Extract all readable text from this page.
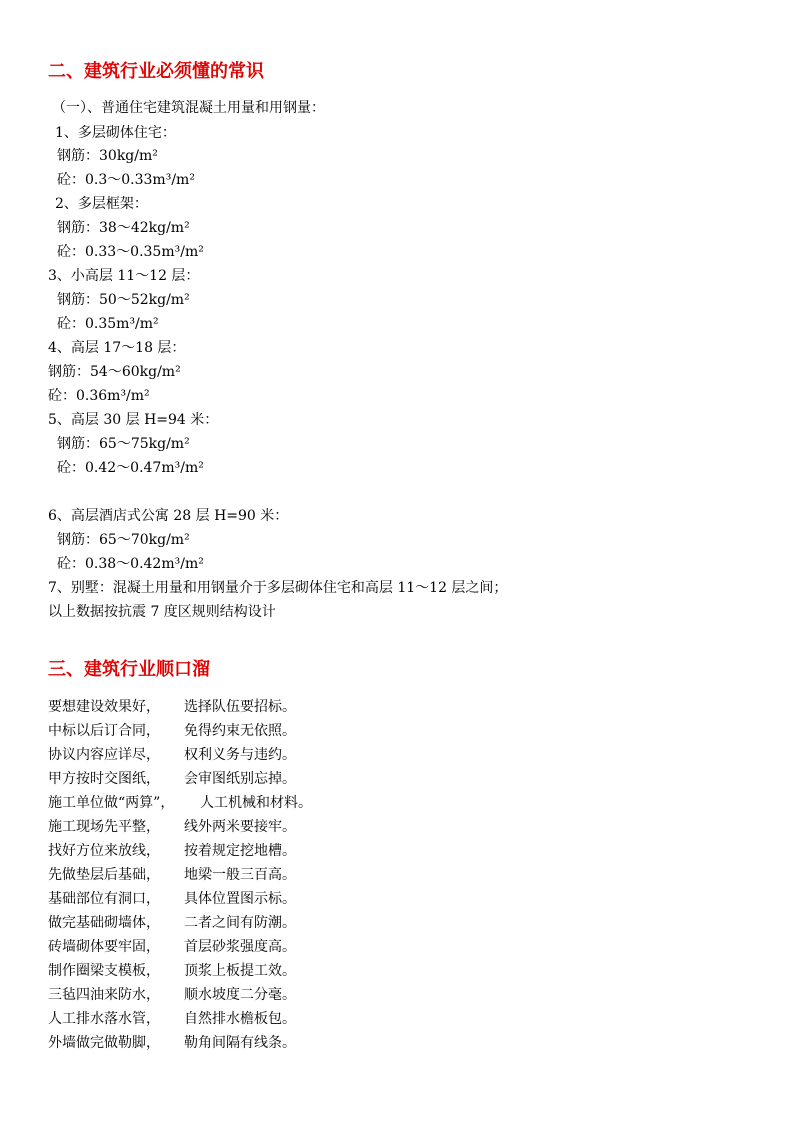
二、建筑行业必须懂的常识

（一）、普通住宅建筑混凝土用量和用钢量：

1、多层砌体住宅：

钢筋：30kg/m²

砼：0.3～0.33m³/m²

2、多层框架：

钢筋：38～42kg/m²

砼：0.33～0.35m³/m²

3、小高层 11～12 层：

钢筋：50～52kg/m²

砼：0.35m³/m²

4、高层 17～18 层：

钢筋：54～60kg/m²

砼：0.36m³/m²

5、高层 30 层 H=94 米：

钢筋：65～75kg/m²

砼：0.42～0.47m³/m²

6、高层酒店式公寓 28 层 H=90 米：

钢筋：65～70kg/m²

砼：0.38～0.42m³/m²

7、别墅：混凝土用量和用钢量介于多层砌体住宅和高层 11～12 层之间；

以上数据按抗震 7 度区规则结构设计

三、建筑行业顺口溜
要想建设效果好， 选择队伍要招标。
中标以后订合同， 免得约束无依照。
协议内容应详尽， 权利义务与违约。
甲方按时交图纸， 会审图纸别忘掉。
施工单位做“两算”， 人工机械和材料。
施工现场先平整， 线外两米要接牢。
找好方位来放线， 按着规定挖地槽。
先做垫层后基础， 地梁一般三百高。
基础部位有洞口， 具体位置图示标。
做完基础砌墙体， 二者之间有防潮。
砖墙砌体要牢固， 首层砂浆强度高。
制作圈梁支模板， 顶浆上板提工效。
三毡四油来防水， 顺水坡度二分毫。
人工排水落水管， 自然排水檐板包。
外墙做完做勒脚， 勒角间隔有线条。
